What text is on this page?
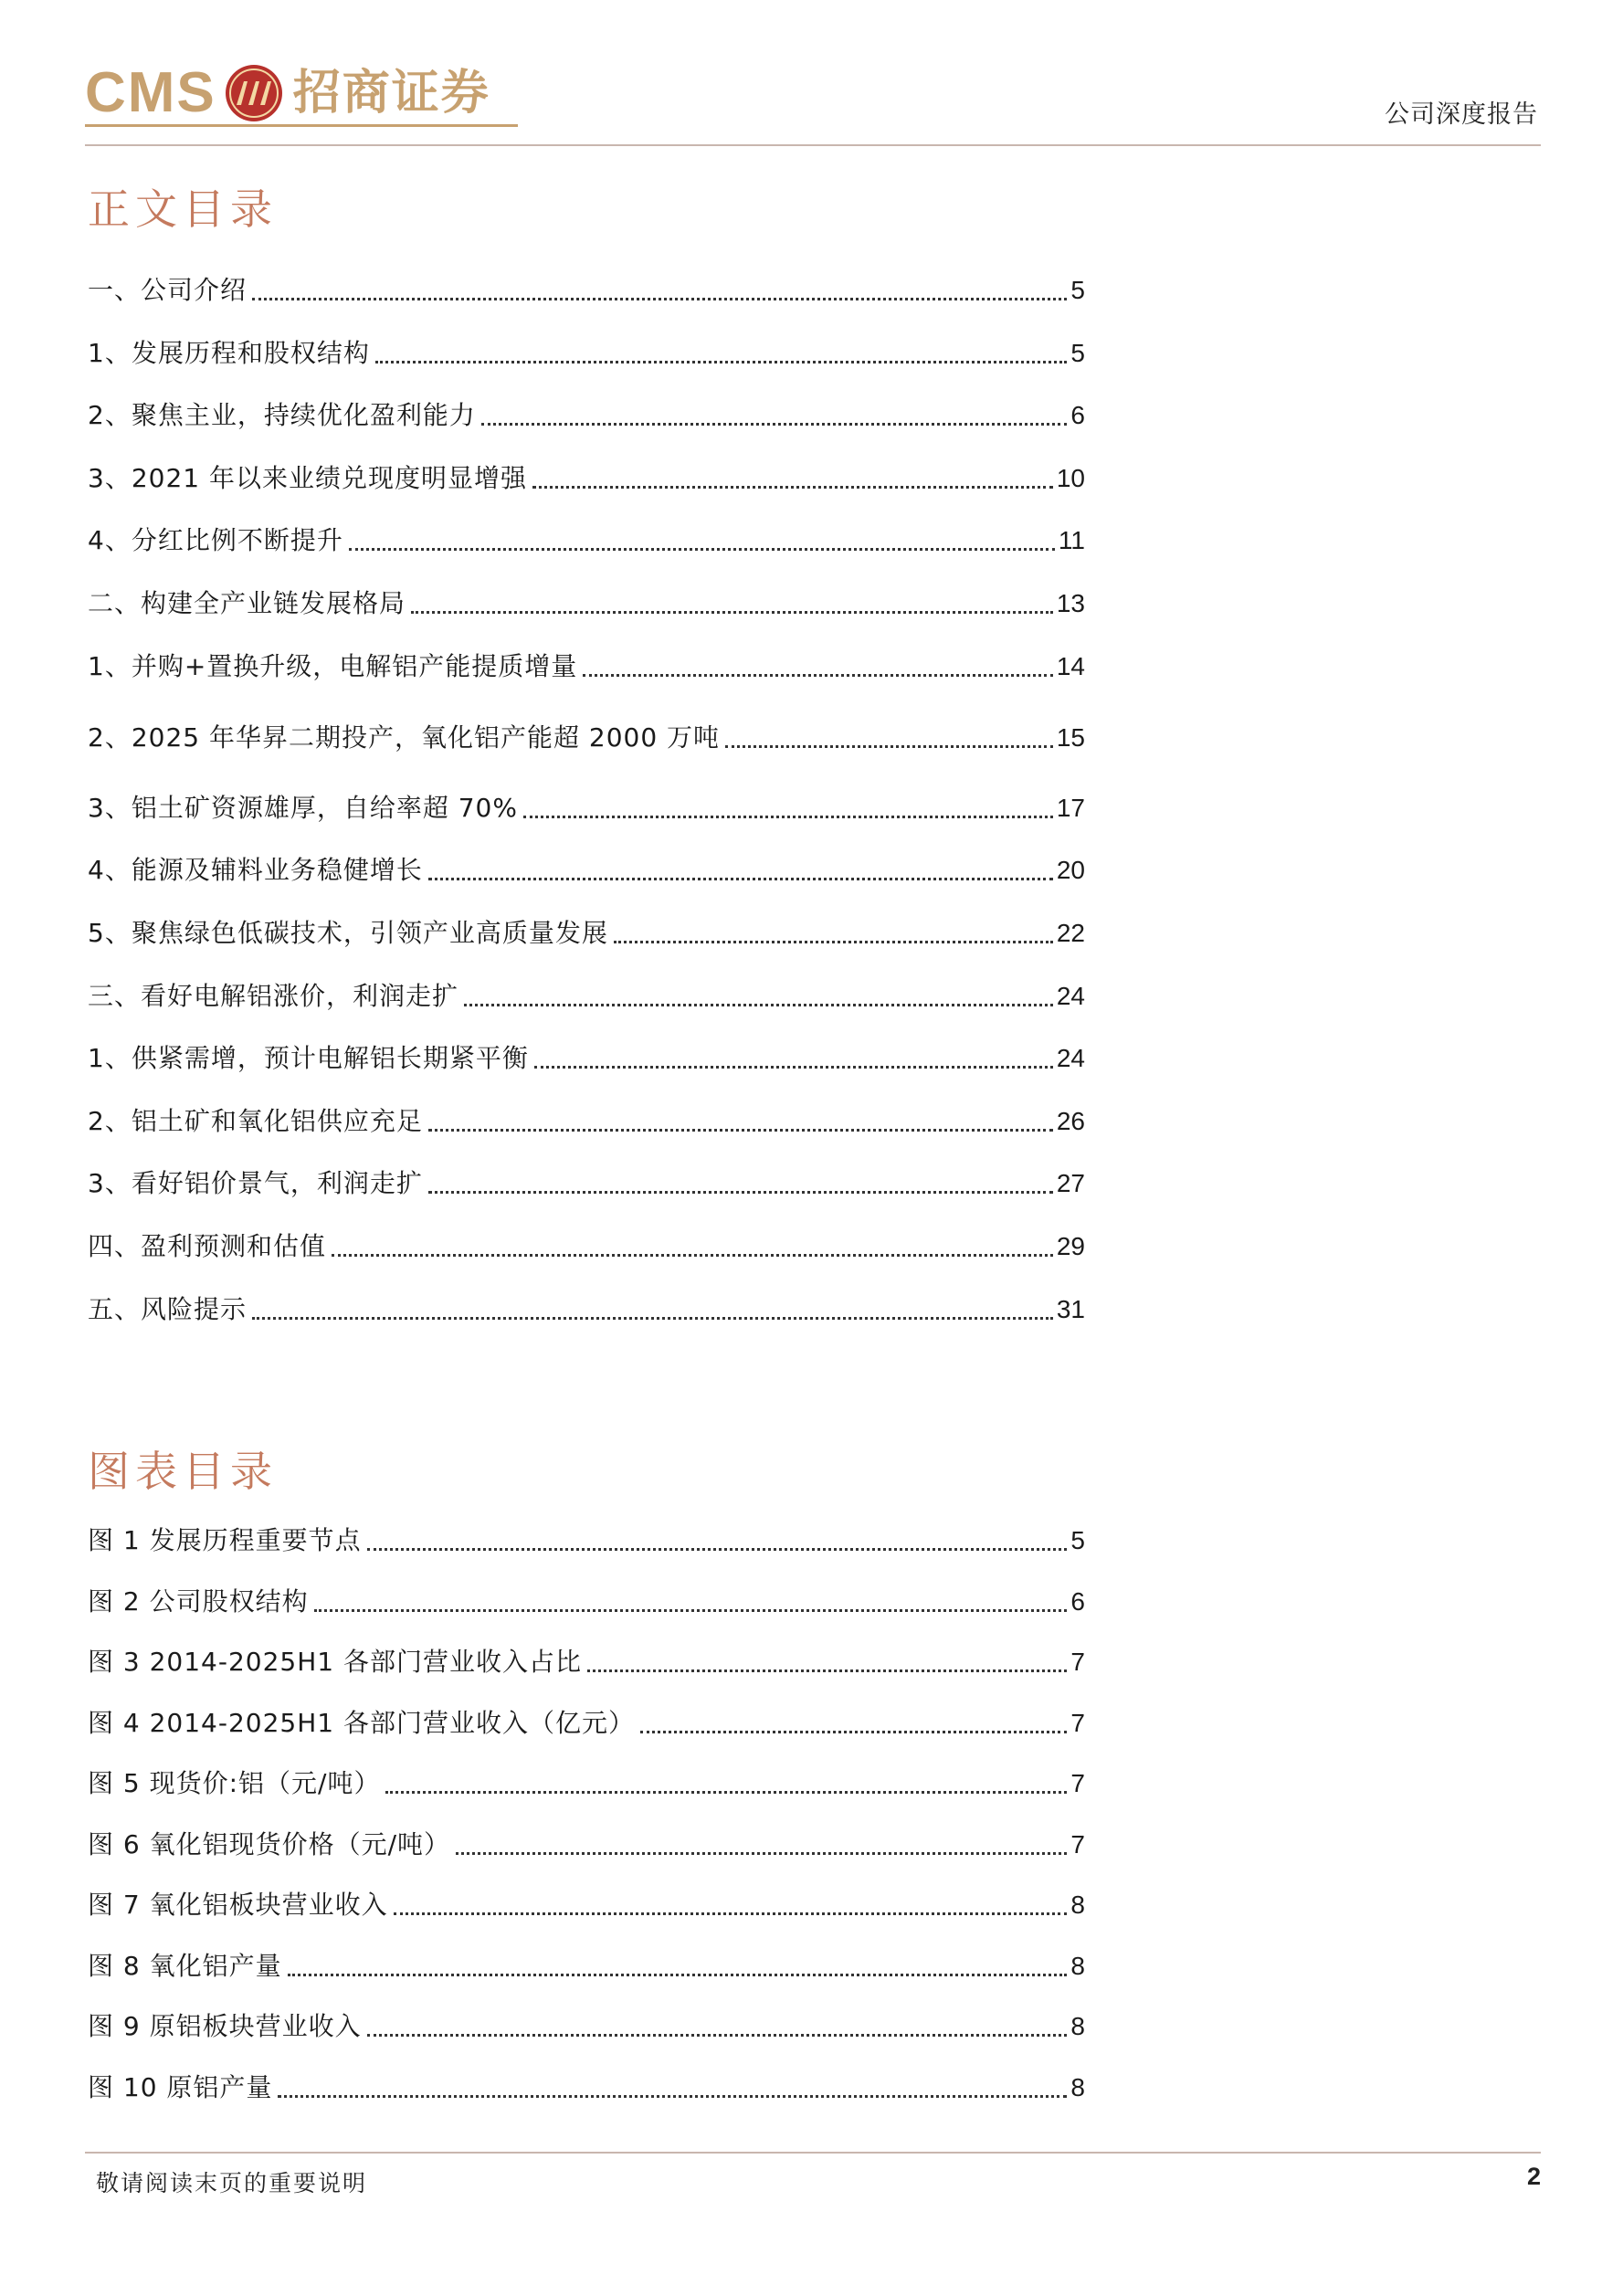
CMS 招商证券	公司深度报告
正文目录
一、公司介绍	5
1、发展历程和股权结构	5
2、聚焦主业，持续优化盈利能力	6
3、2021 年以来业绩兑现度明显增强	10
4、分红比例不断提升	11
二、构建全产业链发展格局	13
1、并购+置换升级，电解铝产能提质增量	14
2、2025 年华昇二期投产，氧化铝产能超 2000 万吨	15
3、铝土矿资源雄厚，自给率超 70%	17
4、能源及辅料业务稳健增长	20
5、聚焦绿色低碳技术，引领产业高质量发展	22
三、看好电解铝涨价，利润走扩	24
1、供紧需增，预计电解铝长期紧平衡	24
2、铝土矿和氧化铝供应充足	26
3、看好铝价景气，利润走扩	27
四、盈利预测和估值	29
五、风险提示	31
图表目录
图 1 发展历程重要节点	5
图 2 公司股权结构	6
图 3 2014-2025H1 各部门营业收入占比	7
图 4 2014-2025H1 各部门营业收入（亿元）	7
图 5 现货价:铝（元/吨）	7
图 6 氧化铝现货价格（元/吨）	7
图 7 氧化铝板块营业收入	8
图 8 氧化铝产量	8
图 9 原铝板块营业收入	8
图 10 原铝产量	8
敬请阅读末页的重要说明	2
